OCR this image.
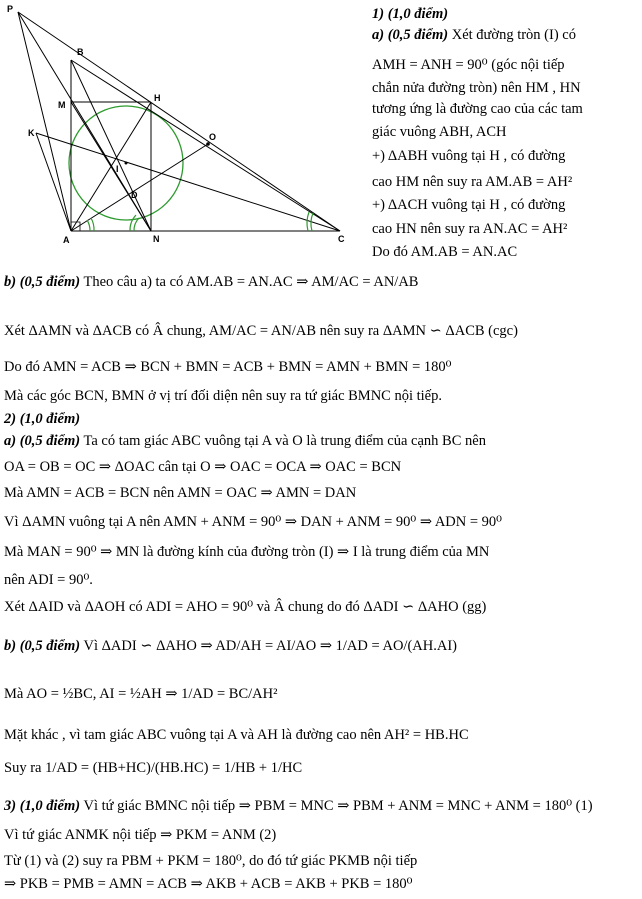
P
B
M
H
K	O
I
D
A	N	C
1) (1,0 điểm)
a) (0,5 điểm) Xét đường tròn (I) có
AMH = ANH = 90⁰ (góc nội tiếp
chắn nửa đường tròn) nên HM , HN
tương ứng là đường cao của các tam
giác vuông ABH, ACH
+) ΔABH vuông tại H , có đường
cao HM nên suy ra AM.AB = AH²
+) ΔACH vuông tại H , có đường
cao HN nên suy ra AN.AC = AH²
Do đó AM.AB = AN.AC
b) (0,5 điểm) Theo câu a) ta có AM.AB = AN.AC ⇒ AM/AC = AN/AB
Xét ΔAMN và ΔACB có Â chung, AM/AC = AN/AB nên suy ra ΔAMN ∽ ΔACB (cgc)
Do đó AMN = ACB ⇒ BCN + BMN = ACB + BMN = AMN + BMN = 180⁰
Mà các góc BCN, BMN ở vị trí đối diện nên suy ra tứ giác BMNC nội tiếp.
2) (1,0 điểm)
a) (0,5 điểm) Ta có tam giác ABC vuông tại A và O là trung điểm của cạnh BC nên
OA = OB = OC ⇒ ΔOAC cân tại O ⇒ OAC = OCA ⇒ OAC = BCN
Mà AMN = ACB = BCN nên AMN = OAC ⇒ AMN = DAN
Vì ΔAMN vuông tại A nên AMN + ANM = 90⁰ ⇒ DAN + ANM = 90⁰ ⇒ ADN = 90⁰
Mà MAN = 90⁰ ⇒ MN là đường kính của đường tròn (I) ⇒ I là trung điểm của MN
nên ADI = 90⁰.
Xét ΔAID và ΔAOH có ADI = AHO = 90⁰ và Â chung do đó ΔADI ∽ ΔAHO (gg)
b) (0,5 điểm) Vì ΔADI ∽ ΔAHO ⇒ AD/AH = AI/AO ⇒ 1/AD = AO/(AH.AI)
Mà AO = ½BC, AI = ½AH ⇒ 1/AD = BC/AH²
Mặt khác , vì tam giác ABC vuông tại A và AH là đường cao nên AH² = HB.HC
Suy ra 1/AD = (HB+HC)/(HB.HC) = 1/HB + 1/HC
3) (1,0 điểm) Vì tứ giác BMNC nội tiếp ⇒ PBM = MNC ⇒ PBM + ANM = MNC + ANM = 180⁰ (1)
Vì tứ giác ANMK nội tiếp ⇒ PKM = ANM (2)
Từ (1) và (2) suy ra PBM + PKM = 180⁰, do đó tứ giác PKMB nội tiếp
⇒ PKB = PMB = AMN = ACB ⇒ AKB + ACB = AKB + PKB = 180⁰
